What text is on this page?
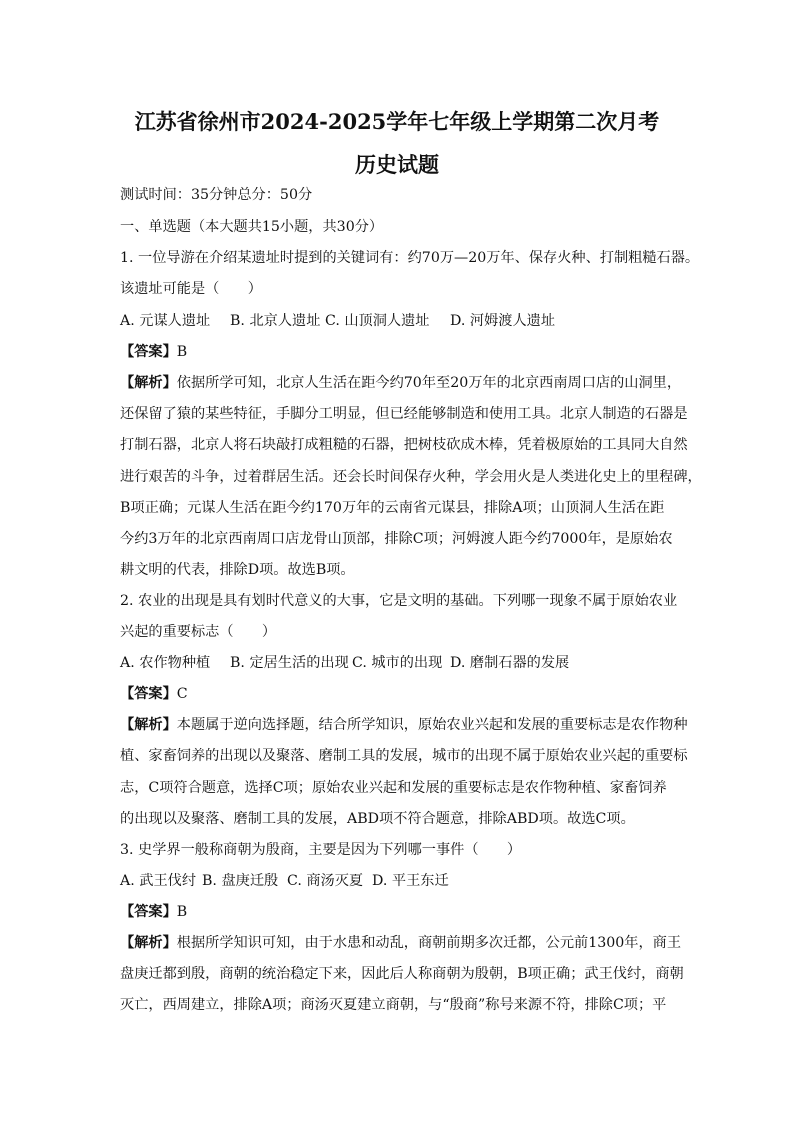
江苏省徐州市2024-2025学年七年级上学期第二次月考
历史试题
测试时间：35分钟总分：50分
一、单选题（本大题共15小题，共30分）
1. 一位导游在介绍某遗址时提到的关键词有：约70万—20万年、保存火种、打制粗糙石器。
该遗址可能是（　　）
A. 元谋人遗址 B. 北京人遗址 C. 山顶洞人遗址 D. 河姆渡人遗址
【答案】B
【解析】依据所学可知，北京人生活在距今约70年至20万年的北京西南周口店的山洞里，
还保留了猿的某些特征，手脚分工明显，但已经能够制造和使用工具。北京人制造的石器是
打制石器，北京人将石块敲打成粗糙的石器，把树枝砍成木棒，凭着极原始的工具同大自然
进行艰苦的斗争，过着群居生活。还会长时间保存火种，学会用火是人类进化史上的里程碑，
B项正确；元谋人生活在距今约170万年的云南省元谋县，排除A项；山顶洞人生活在距
今约3万年的北京西南周口店龙骨山顶部，排除C项；河姆渡人距今约7000年，是原始农
耕文明的代表，排除D项。故选B项。
2. 农业的出现是具有划时代意义的大事，它是文明的基础。下列哪一现象不属于原始农业
兴起的重要标志（　　）
A. 农作物种植 B. 定居生活的出现 C. 城市的出现 D. 磨制石器的发展
【答案】C
【解析】本题属于逆向选择题，结合所学知识，原始农业兴起和发展的重要标志是农作物种
植、家畜饲养的出现以及聚落、磨制工具的发展，城市的出现不属于原始农业兴起的重要标
志，C项符合题意，选择C项；原始农业兴起和发展的重要标志是农作物种植、家畜饲养
的出现以及聚落、磨制工具的发展，ABD项不符合题意，排除ABD项。故选C项。
3. 史学界一般称商朝为殷商，主要是因为下列哪一事件（　　）
A. 武王伐纣 B. 盘庚迁殷 C. 商汤灭夏 D. 平王东迁
【答案】B
【解析】根据所学知识可知，由于水患和动乱，商朝前期多次迁都，公元前1300年，商王
盘庚迁都到殷，商朝的统治稳定下来，因此后人称商朝为殷朝，B项正确；武王伐纣，商朝
灭亡，西周建立，排除A项；商汤灭夏建立商朝，与“殷商”称号来源不符，排除C项；平
